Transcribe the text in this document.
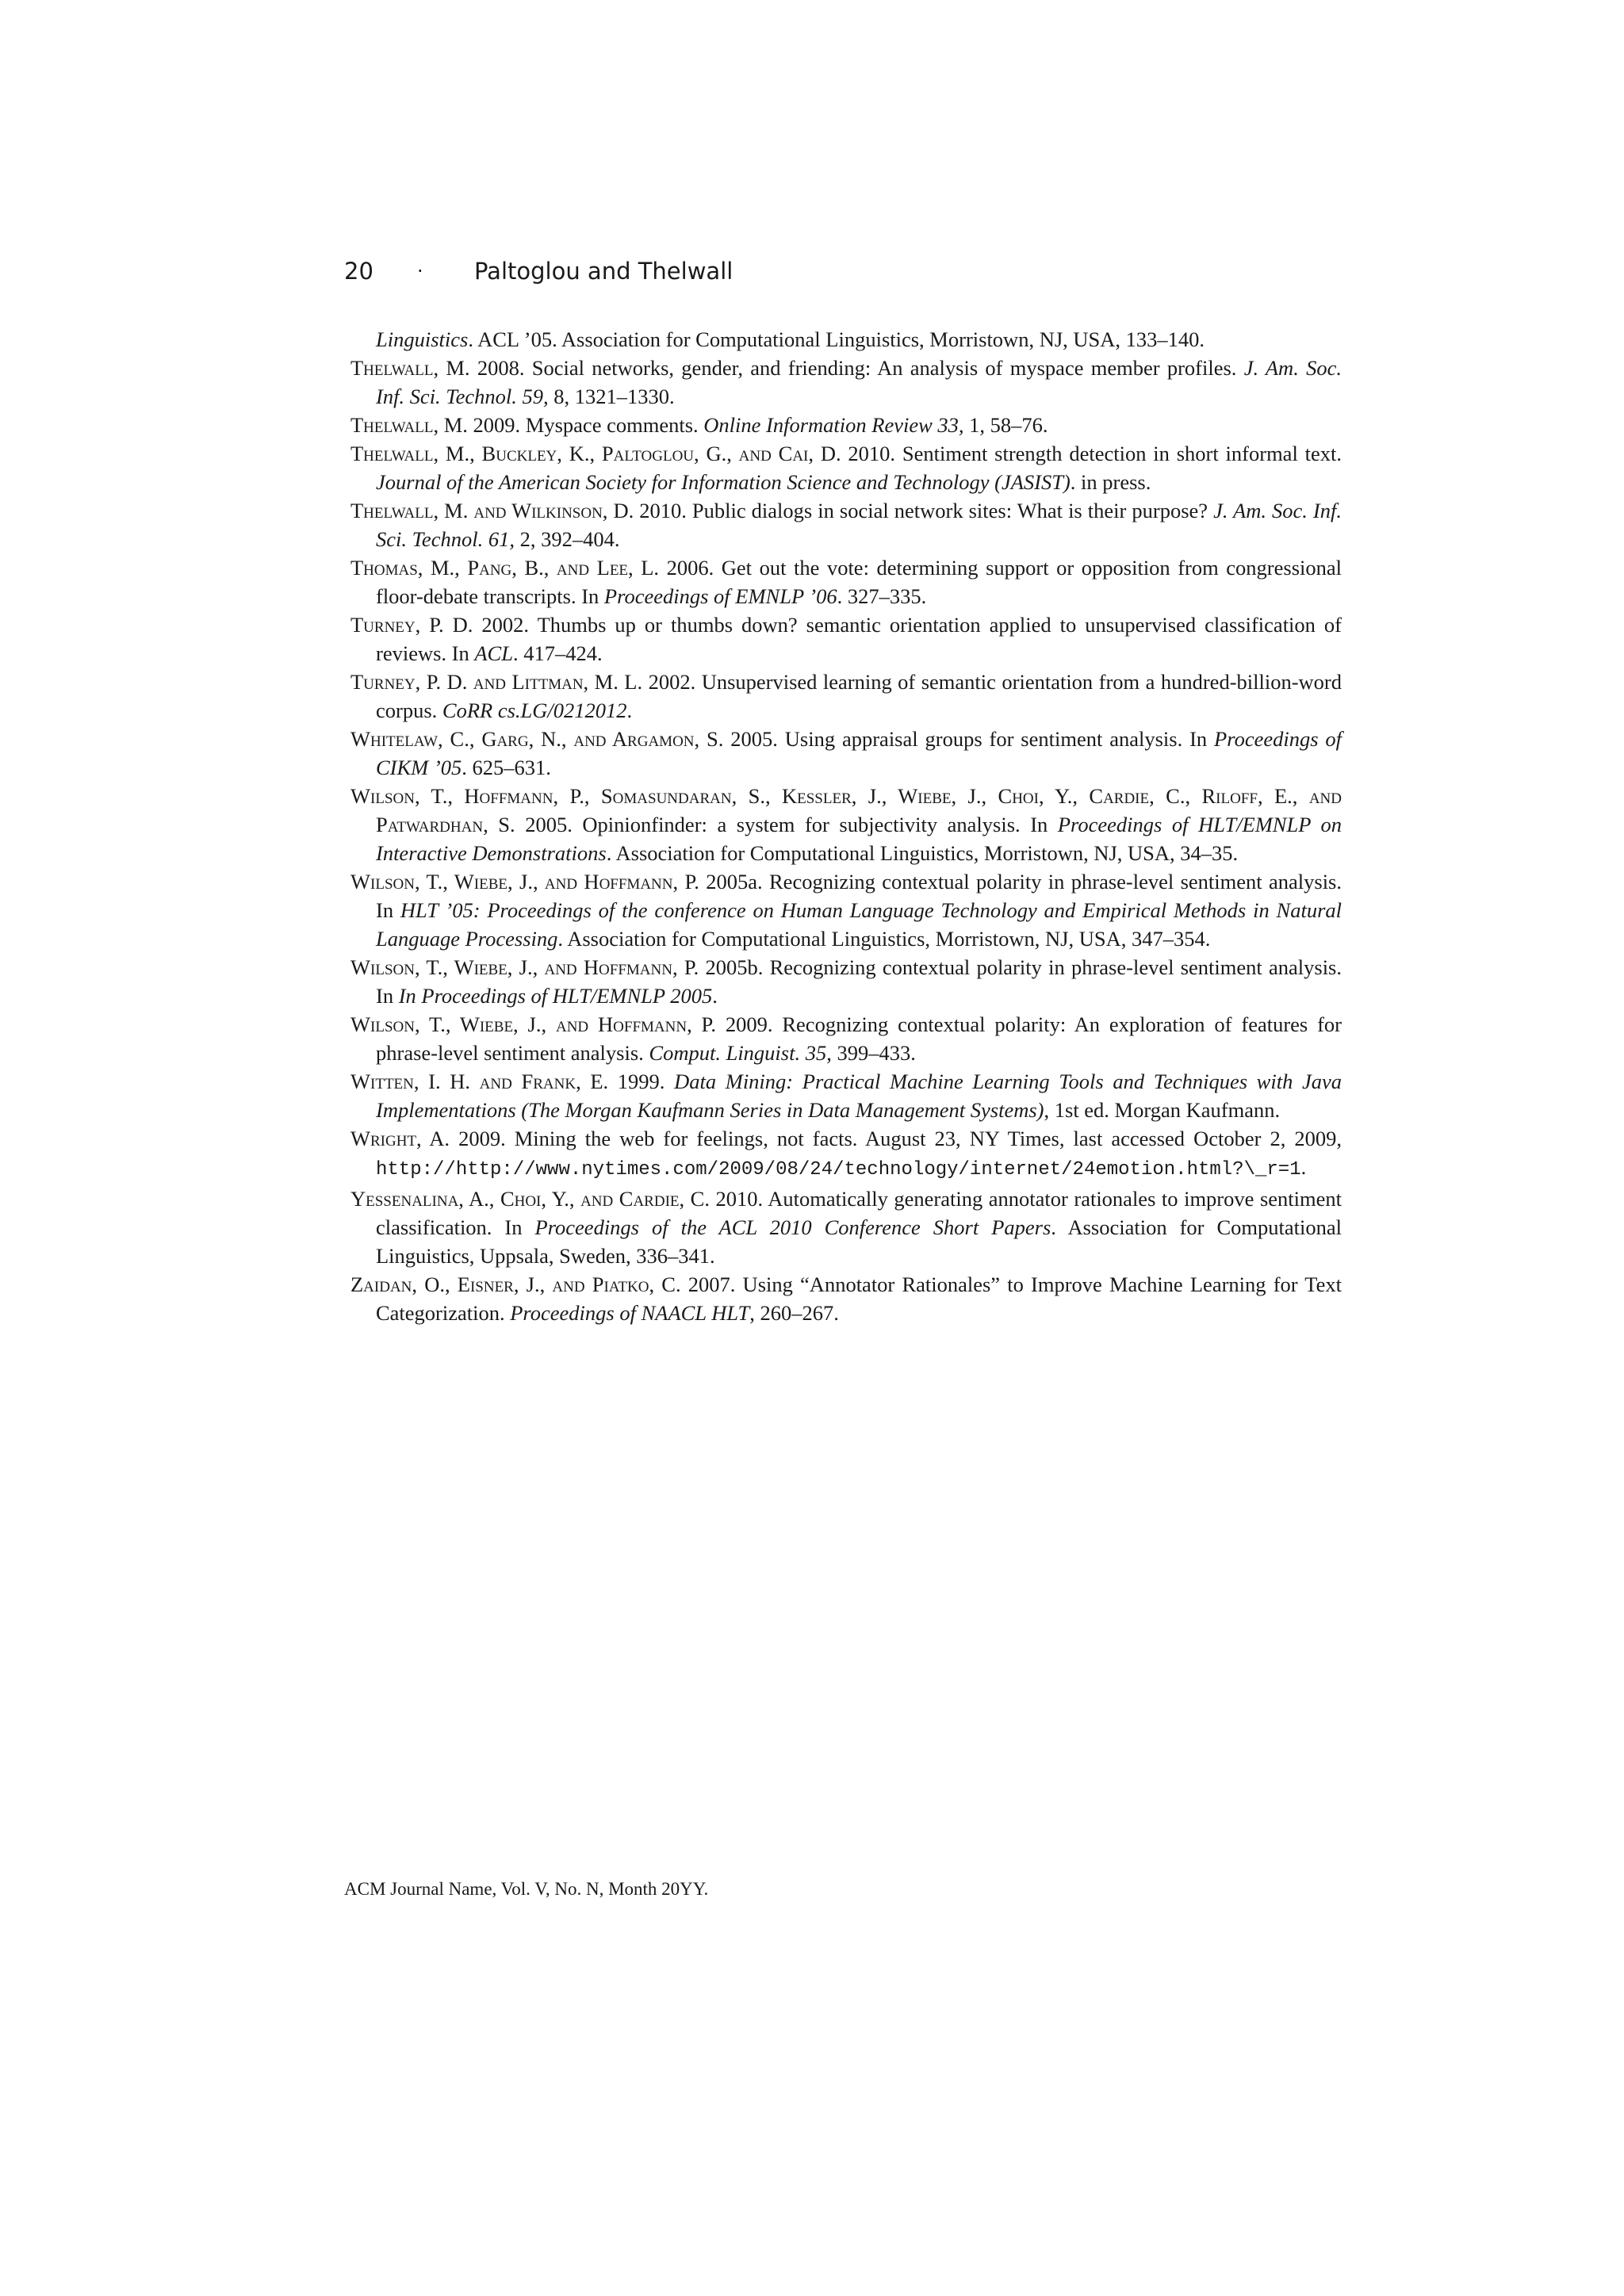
20	·	Paltoglou and Thelwall
Linguistics. ACL ’05. Association for Computational Linguistics, Morristown, NJ, USA, 133–140.
Thelwall, M. 2008. Social networks, gender, and friending: An analysis of myspace member profiles. J. Am. Soc. Inf. Sci. Technol. 59, 8, 1321–1330.
Thelwall, M. 2009. Myspace comments. Online Information Review 33, 1, 58–76.
Thelwall, M., Buckley, K., Paltoglou, G., and Cai, D. 2010. Sentiment strength detection in short informal text. Journal of the American Society for Information Science and Technology (JASIST). in press.
Thelwall, M. and Wilkinson, D. 2010. Public dialogs in social network sites: What is their purpose? J. Am. Soc. Inf. Sci. Technol. 61, 2, 392–404.
Thomas, M., Pang, B., and Lee, L. 2006. Get out the vote: determining support or opposition from congressional floor-debate transcripts. In Proceedings of EMNLP ’06. 327–335.
Turney, P. D. 2002. Thumbs up or thumbs down? semantic orientation applied to unsupervised classification of reviews. In ACL. 417–424.
Turney, P. D. and Littman, M. L. 2002. Unsupervised learning of semantic orientation from a hundred-billion-word corpus. CoRR cs.LG/0212012.
Whitelaw, C., Garg, N., and Argamon, S. 2005. Using appraisal groups for sentiment analysis. In Proceedings of CIKM ’05. 625–631.
Wilson, T., Hoffmann, P., Somasundaran, S., Kessler, J., Wiebe, J., Choi, Y., Cardie, C., Riloff, E., and Patwardhan, S. 2005. Opinionfinder: a system for subjectivity analysis. In Proceedings of HLT/EMNLP on Interactive Demonstrations. Association for Computational Linguistics, Morristown, NJ, USA, 34–35.
Wilson, T., Wiebe, J., and Hoffmann, P. 2005a. Recognizing contextual polarity in phrase-level sentiment analysis. In HLT ’05: Proceedings of the conference on Human Language Technology and Empirical Methods in Natural Language Processing. Association for Computational Linguistics, Morristown, NJ, USA, 347–354.
Wilson, T., Wiebe, J., and Hoffmann, P. 2005b. Recognizing contextual polarity in phrase-level sentiment analysis. In In Proceedings of HLT/EMNLP 2005.
Wilson, T., Wiebe, J., and Hoffmann, P. 2009. Recognizing contextual polarity: An exploration of features for phrase-level sentiment analysis. Comput. Linguist. 35, 399–433.
Witten, I. H. and Frank, E. 1999. Data Mining: Practical Machine Learning Tools and Techniques with Java Implementations (The Morgan Kaufmann Series in Data Management Systems), 1st ed. Morgan Kaufmann.
Wright, A. 2009. Mining the web for feelings, not facts. August 23, NY Times, last accessed October 2, 2009, http://http://www.nytimes.com/2009/08/24/technology/internet/24emotion.html?\_r=1.
Yessenalina, A., Choi, Y., and Cardie, C. 2010. Automatically generating annotator rationales to improve sentiment classification. In Proceedings of the ACL 2010 Conference Short Papers. Association for Computational Linguistics, Uppsala, Sweden, 336–341.
Zaidan, O., Eisner, J., and Piatko, C. 2007. Using “Annotator Rationales” to Improve Machine Learning for Text Categorization. Proceedings of NAACL HLT, 260–267.
ACM Journal Name, Vol. V, No. N, Month 20YY.
